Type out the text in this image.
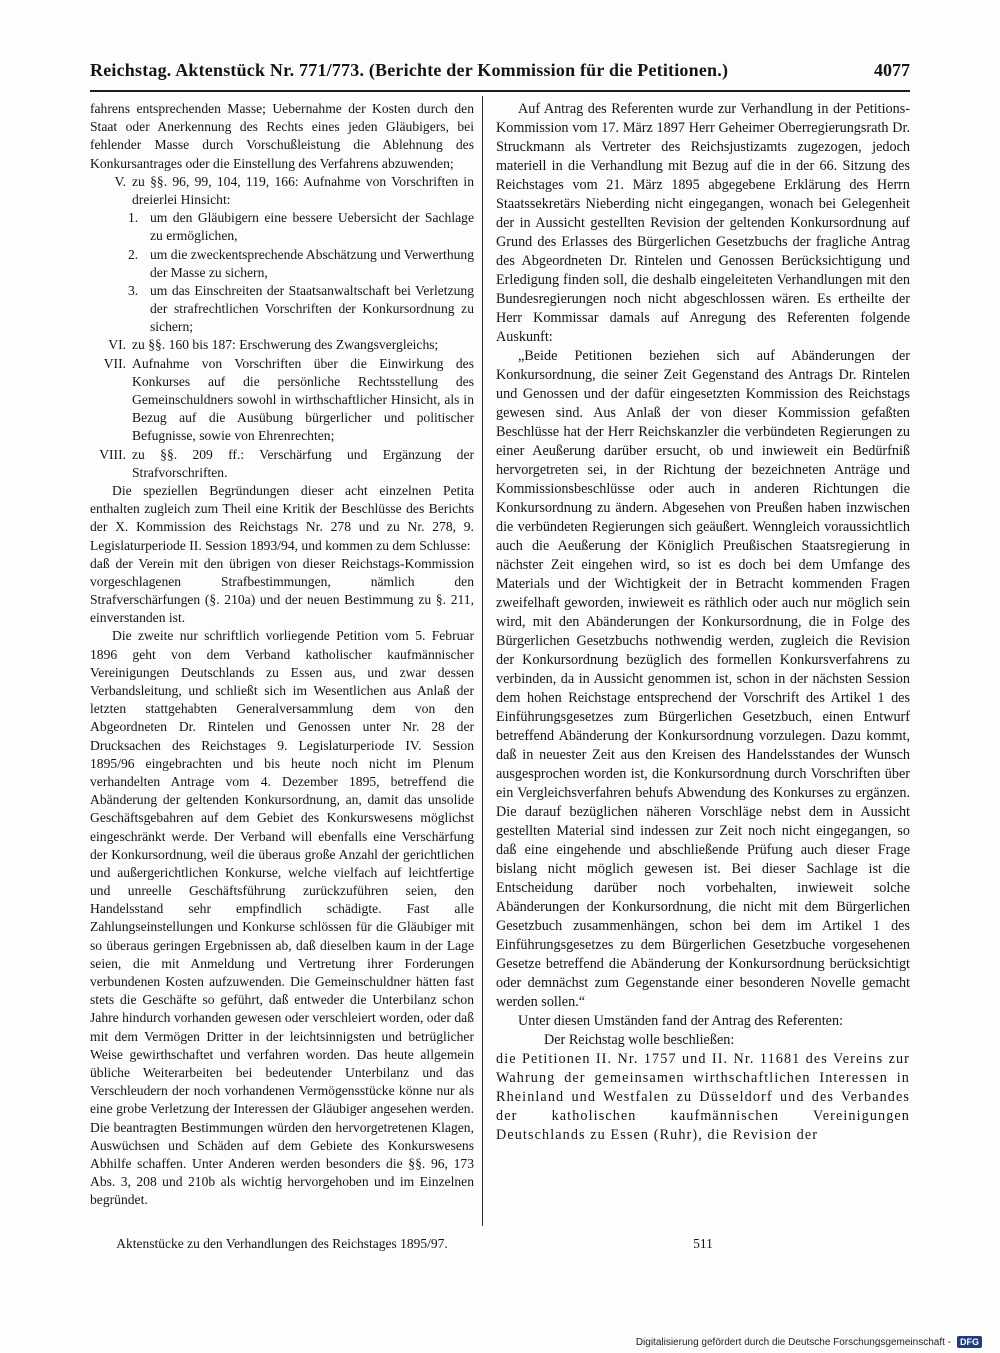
Reichstag. Aktenstück Nr. 771/773. (Berichte der Kommission für die Petitionen.)	4077

fahrens entsprechenden Masse; Uebernahme der Kosten durch den Staat oder Anerkennung des Rechts eines jeden Gläubigers, bei fehlender Masse durch Vorschußleistung die Ablehnung des Konkursantrages oder die Einstellung des Verfahrens abzuwenden;

V. zu §§. 96, 99, 104, 119, 166: Aufnahme von Vorschriften in dreierlei Hinsicht:
1. um den Gläubigern eine bessere Uebersicht der Sachlage zu ermöglichen,
2. um die zweckentsprechende Abschätzung und Verwerthung der Masse zu sichern,
3. um das Einschreiten der Staatsanwaltschaft bei Verletzung der strafrechtlichen Vorschriften der Konkursordnung zu sichern;
VI. zu §§. 160 bis 187: Erschwerung des Zwangsvergleichs;
VII. Aufnahme von Vorschriften über die Einwirkung des Konkurses auf die persönliche Rechtsstellung des Gemeinschuldners sowohl in wirthschaftlicher Hinsicht, als in Bezug auf die Ausübung bürgerlicher und politischer Befugnisse, sowie von Ehrenrechten;
VIII. zu §§. 209 ff.: Verschärfung und Ergänzung der Strafvorschriften.

Die speziellen Begründungen dieser acht einzelnen Petita enthalten zugleich zum Theil eine Kritik der Beschlüsse des Berichts der X. Kommission des Reichstags Nr. 278 und zu Nr. 278, 9. Legislaturperiode II. Session 1893/94, und kommen zu dem Schlusse:

daß der Verein mit den übrigen von dieser Reichstags-Kommission vorgeschlagenen Strafbestimmungen, nämlich den Strafverschärfungen (§. 210a) und der neuen Bestimmung zu §. 211, einverstanden ist.

Die zweite nur schriftlich vorliegende Petition vom 5. Februar 1896 geht von dem Verband katholischer kaufmännischer Vereinigungen Deutschlands zu Essen aus, und zwar dessen Verbandsleitung, und schließt sich im Wesentlichen aus Anlaß der letzten stattgehabten Generalversammlung dem von den Abgeordneten Dr. Rintelen und Genossen unter Nr. 28 der Drucksachen des Reichstages 9. Legislaturperiode IV. Session 1895/96 eingebrachten und bis heute noch nicht im Plenum verhandelten Antrage vom 4. Dezember 1895, betreffend die Abänderung der geltenden Konkursordnung, an, damit das unsolide Geschäftsgebahren auf dem Gebiet des Konkurswesens möglichst eingeschränkt werde. Der Verband will ebenfalls eine Verschärfung der Konkursordnung, weil die überaus große Anzahl der gerichtlichen und außergerichtlichen Konkurse, welche vielfach auf leichtfertige und unreelle Geschäftsführung zurückzuführen seien, den Handelsstand sehr empfindlich schädigte. Fast alle Zahlungseinstellungen und Konkurse schlössen für die Gläubiger mit so überaus geringen Ergebnissen ab, daß dieselben kaum in der Lage seien, die mit Anmeldung und Vertretung ihrer Forderungen verbundenen Kosten aufzuwenden. Die Gemeinschuldner hätten fast stets die Geschäfte so geführt, daß entweder die Unterbilanz schon Jahre hindurch vorhanden gewesen oder verschleiert worden, oder daß mit dem Vermögen Dritter in der leichtsinnigsten und betrüglicher Weise gewirthschaftet und verfahren worden. Das heute allgemein übliche Weiterarbeiten bei bedeutender Unterbilanz und das Verschleudern der noch vorhandenen Vermögensstücke könne nur als eine grobe Verletzung der Interessen der Gläubiger angesehen werden. Die beantragten Bestimmungen würden den hervorgetretenen Klagen, Auswüchsen und Schäden auf dem Gebiete des Konkurswesens Abhilfe schaffen. Unter Anderen werden besonders die §§. 96, 173 Abs. 3, 208 und 210b als wichtig hervorgehoben und im Einzelnen begründet.

Auf Antrag des Referenten wurde zur Verhandlung in der Petitions-Kommission vom 17. März 1897 Herr Geheimer Oberregierungsrath Dr. Struckmann als Vertreter des Reichsjustizamts zugezogen, jedoch materiell in die Verhandlung mit Bezug auf die in der 66. Sitzung des Reichstages vom 21. März 1895 abgegebene Erklärung des Herrn Staatssekretärs Nieberding nicht eingegangen, wonach bei Gelegenheit der in Aussicht gestellten Revision der geltenden Konkursordnung auf Grund des Erlasses des Bürgerlichen Gesetzbuchs der fragliche Antrag des Abgeordneten Dr. Rintelen und Genossen Berücksichtigung und Erledigung finden soll, die deshalb eingeleiteten Verhandlungen mit den Bundesregierungen noch nicht abgeschlossen wären. Es ertheilte der Herr Kommissar damals auf Anregung des Referenten folgende Auskunft:

„Beide Petitionen beziehen sich auf Abänderungen der Konkursordnung, die seiner Zeit Gegenstand des Antrags Dr. Rintelen und Genossen und der dafür eingesetzten Kommission des Reichstags gewesen sind. Aus Anlaß der von dieser Kommission gefaßten Beschlüsse hat der Herr Reichskanzler die verbündeten Regierungen zu einer Aeußerung darüber ersucht, ob und inwieweit ein Bedürfniß hervorgetreten sei, in der Richtung der bezeichneten Anträge und Kommissionsbeschlüsse oder auch in anderen Richtungen die Konkursordnung zu ändern. Abgesehen von Preußen haben inzwischen die verbündeten Regierungen sich geäußert. Wenngleich voraussichtlich auch die Aeußerung der Königlich Preußischen Staatsregierung in nächster Zeit eingehen wird, so ist es doch bei dem Umfange des Materials und der Wichtigkeit der in Betracht kommenden Fragen zweifelhaft geworden, inwieweit es räthlich oder auch nur möglich sein wird, mit den Abänderungen der Konkursordnung, die in Folge des Bürgerlichen Gesetzbuchs nothwendig werden, zugleich die Revision der Konkursordnung bezüglich des formellen Konkursverfahrens zu verbinden, da in Aussicht genommen ist, schon in der nächsten Session dem hohen Reichstage entsprechend der Vorschrift des Artikel 1 des Einführungsgesetzes zum Bürgerlichen Gesetzbuch, einen Entwurf betreffend Abänderung der Konkursordnung vorzulegen. Dazu kommt, daß in neuester Zeit aus den Kreisen des Handelsstandes der Wunsch ausgesprochen worden ist, die Konkursordnung durch Vorschriften über ein Vergleichsverfahren behufs Abwendung des Konkurses zu ergänzen. Die darauf bezüglichen näheren Vorschläge nebst dem in Aussicht gestellten Material sind indessen zur Zeit noch nicht eingegangen, so daß eine eingehende und abschließende Prüfung auch dieser Frage bislang nicht möglich gewesen ist. Bei dieser Sachlage ist die Entscheidung darüber noch vorbehalten, inwieweit solche Abänderungen der Konkursordnung, die nicht mit dem Bürgerlichen Gesetzbuch zusammenhängen, schon bei dem im Artikel 1 des Einführungsgesetzes zu dem Bürgerlichen Gesetzbuche vorgesehenen Gesetze betreffend die Abänderung der Konkursordnung berücksichtigt oder demnächst zum Gegenstande einer besonderen Novelle gemacht werden sollen.“

Unter diesen Umständen fand der Antrag des Referenten:

Der Reichstag wolle beschließen:

die Petitionen II. Nr. 1757 und II. Nr. 11681 des Vereins zur Wahrung der gemeinsamen wirthschaftlichen Interessen in Rheinland und Westfalen zu Düsseldorf und des Verbandes der katholischen kaufmännischen Vereinigungen Deutschlands zu Essen (Ruhr), die Revision der

Aktenstücke zu den Verhandlungen des Reichstages 1895/97.	511
Digitalisierung gefördert durch die Deutsche Forschungsgemeinschaft -	DFG
